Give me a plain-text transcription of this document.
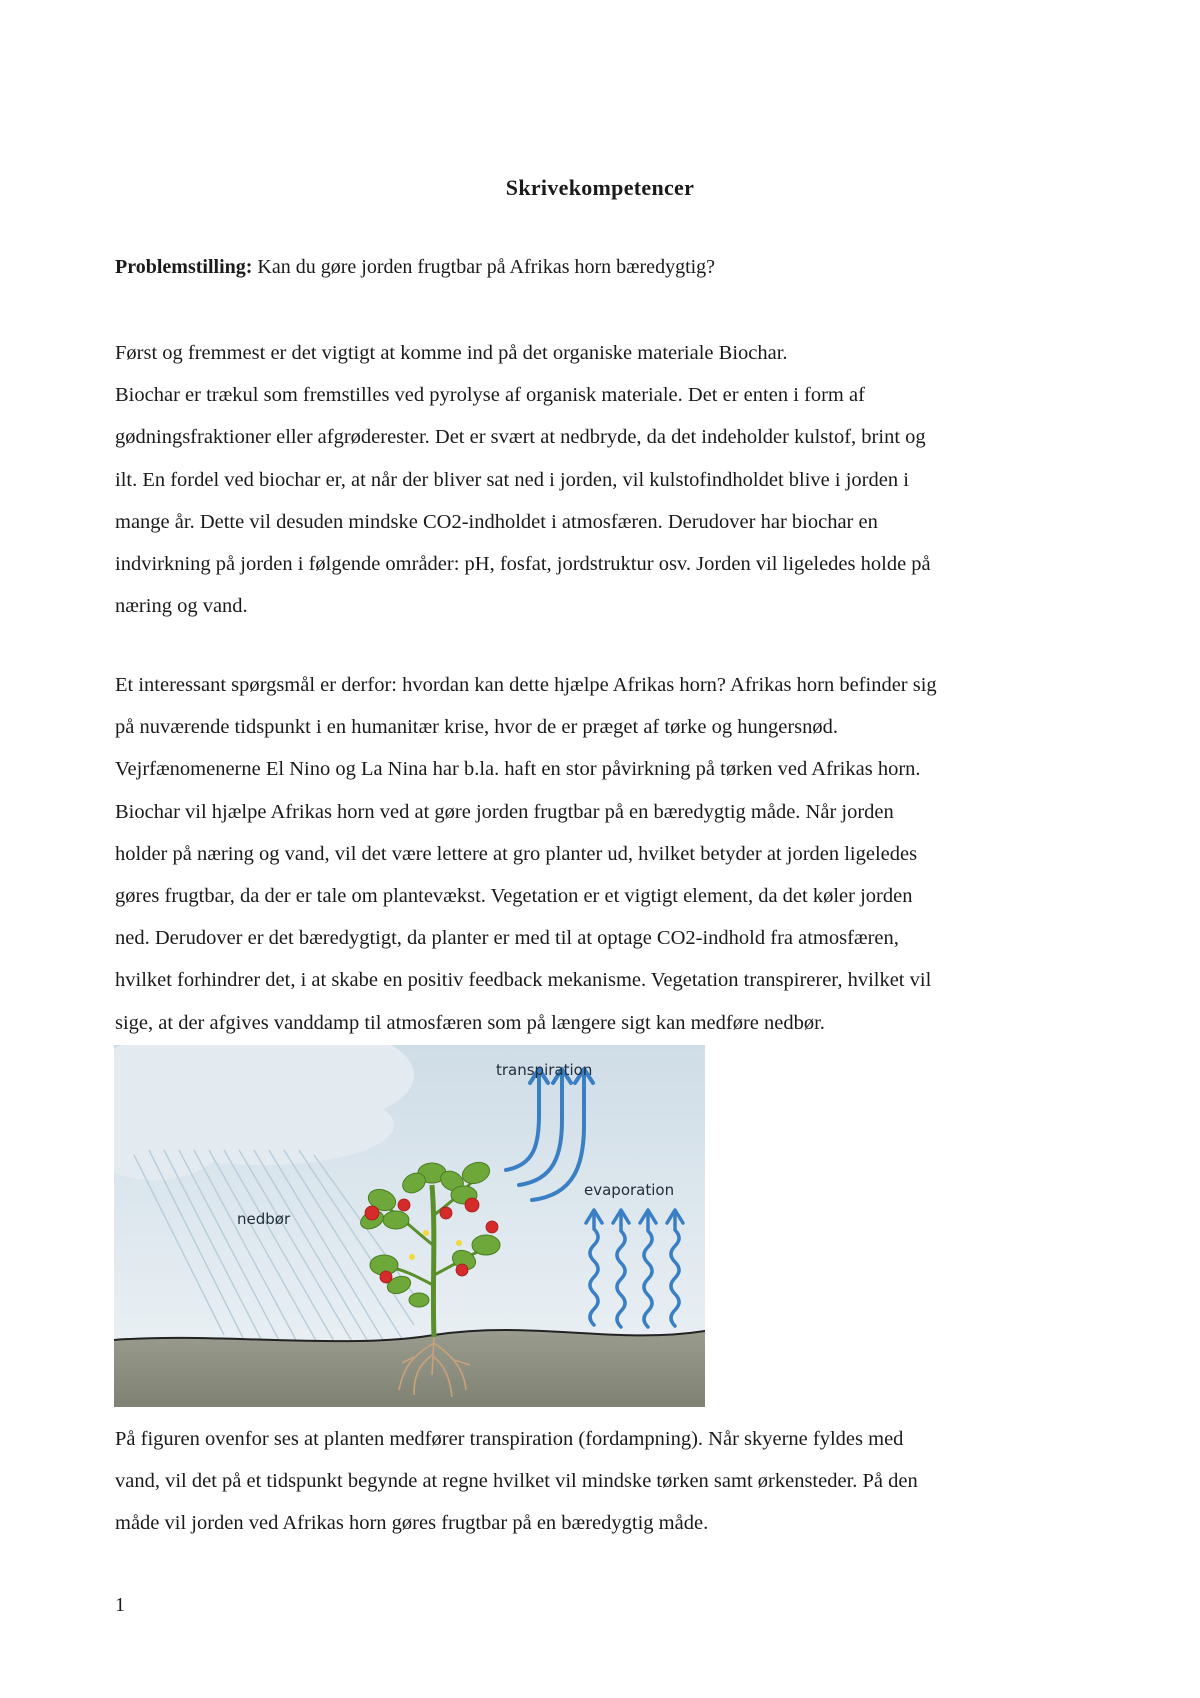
Skrivekompetencer
Problemstilling: Kan du gøre jorden frugtbar på Afrikas horn bæredygtig?
Først og fremmest er det vigtigt at komme ind på det organiske materiale Biochar.
Biochar er trækul som fremstilles ved pyrolyse af organisk materiale. Det er enten i form af
gødningsfraktioner eller afgrøderester. Det er svært at nedbryde, da det indeholder kulstof, brint og
ilt. En fordel ved biochar er, at når der bliver sat ned i jorden, vil kulstofindholdet blive i jorden i
mange år. Dette vil desuden mindske CO2-indholdet i atmosfæren. Derudover har biochar en
indvirkning på jorden i følgende områder: pH, fosfat, jordstruktur osv. Jorden vil ligeledes holde på
næring og vand.
Et interessant spørgsmål er derfor: hvordan kan dette hjælpe Afrikas horn? Afrikas horn befinder sig
på nuværende tidspunkt i en humanitær krise, hvor de er præget af tørke og hungersnød.
Vejrfænomenerne El Nino og La Nina har b.la. haft en stor påvirkning på tørken ved Afrikas horn.
Biochar vil hjælpe Afrikas horn ved at gøre jorden frugtbar på en bæredygtig måde. Når jorden
holder på næring og vand, vil det være lettere at gro planter ud, hvilket betyder at jorden ligeledes
gøres frugtbar, da der er tale om plantevækst. Vegetation er et vigtigt element, da det køler jorden
ned. Derudover er det bæredygtigt, da planter er med til at optage CO2-indhold fra atmosfæren,
hvilket forhindrer det, i at skabe en positiv feedback mekanisme. Vegetation transpirerer, hvilket vil
sige, at der afgives vanddamp til atmosfæren som på længere sigt kan medføre nedbør.
transpiration
evaporation
nedbør
På figuren ovenfor ses at planten medfører transpiration (fordampning). Når skyerne fyldes med
vand, vil det på et tidspunkt begynde at regne hvilket vil mindske tørken samt ørkensteder. På den
måde vil jorden ved Afrikas horn gøres frugtbar på en bæredygtig måde.
1
